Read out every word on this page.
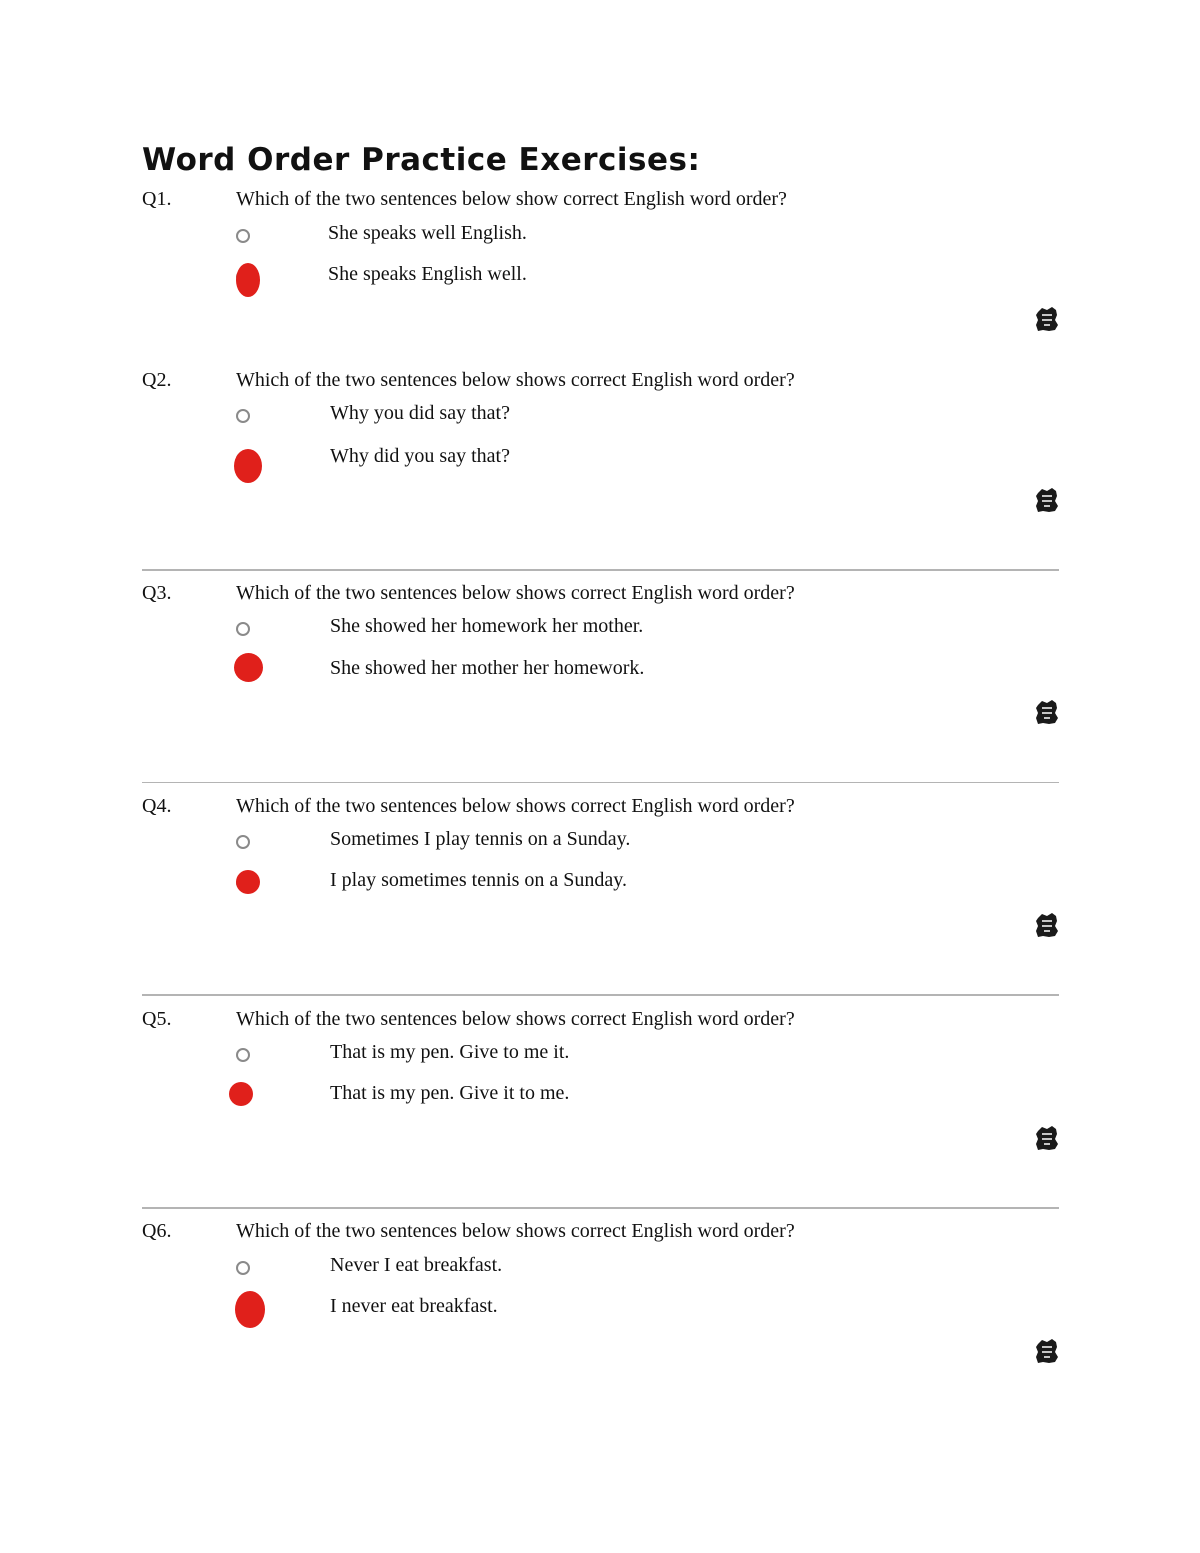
Word Order Practice Exercises:
Q1.	Which of the two sentences below show correct English word order?
She speaks well English.
She speaks English well.
Q2.	Which of the two sentences below shows correct English word order?
Why you did say that?
Why did you say that?
Q3.	Which of the two sentences below shows correct English word order?
She showed her homework her mother.
She showed her mother her homework.
Q4.	Which of the two sentences below shows correct English word order?
Sometimes I play tennis on a Sunday.
I play sometimes tennis on a Sunday.
Q5.	Which of the two sentences below shows correct English word order?
That is my pen. Give to me it.
That is my pen. Give it to me.
Q6.	Which of the two sentences below shows correct English word order?
Never I eat breakfast.
I never eat breakfast.
